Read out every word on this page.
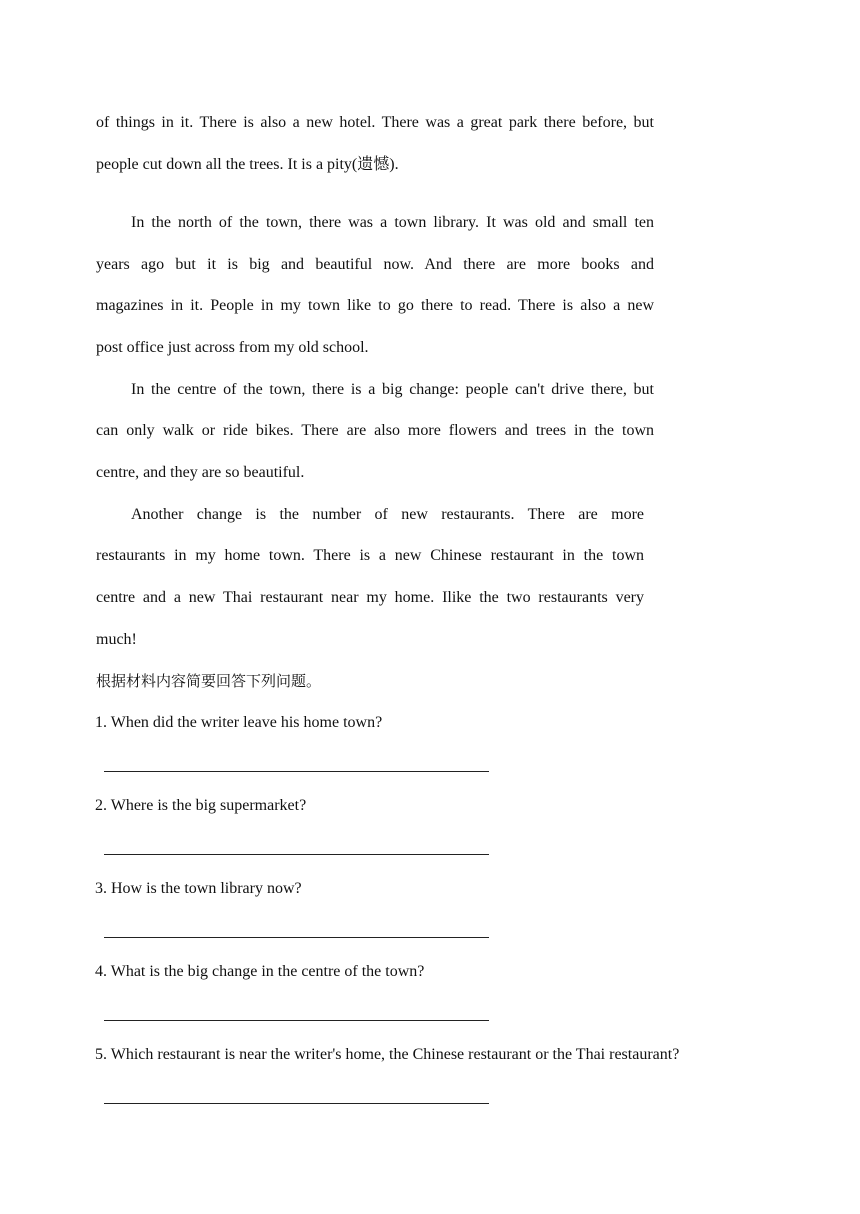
of things in it. There is also a new hotel. There was a great park there before, but
people cut down all the trees. It is a pity(遗憾).
In the north of the town, there was a town library. It was old and small ten
years ago but it is big and beautiful now. And there are more books and
magazines in it. People in my town like to go there to read. There is also a new
post office just across from my old school.
In the centre of the town, there is a big change: people can't drive there, but
can only walk or ride bikes. There are also more flowers and trees in the town
centre, and they are so beautiful.
Another change is the number of new restaurants. There are more
restaurants in my home town. There is a new Chinese restaurant in the town
centre and a new Thai restaurant near my home. Ilike the two restaurants very
much!
根据材料内容简要回答下列问题。
1. When did the writer leave his home town?
2. Where is the big supermarket?
3. How is the town library now?
4. What is the big change in the centre of the town?
5. Which restaurant is near the writer's home, the Chinese restaurant or the Thai restaurant?
